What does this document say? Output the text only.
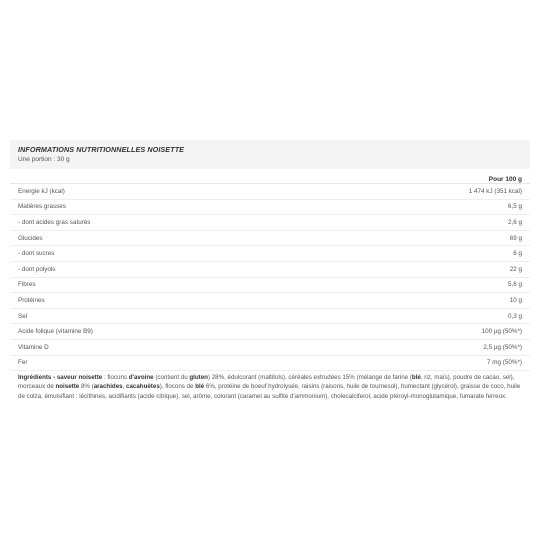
INFORMATIONS NUTRITIONNELLES NOISETTE
Une portion : 30 g
Pour 100 g
Energie kJ (kcal)	1 474 kJ (351 kcal)
Matières grasses	6,5 g
- dont acides gras saturés	2,6 g
Glucides	69 g
- dont sucres	6 g
- dont polyols	22 g
Fibres	5,6 g
Protéines	10 g
Sel	0,3 g
Acide folique (vitamine B9)	100 µg (50%*)
Vitamine D	2,5 µg (50%*)
Fer	7 mg (50%*)
Ingrédients - saveur noisette : flocons d'avoine (contient du gluten) 28%, édulcorant (maltitols), céréales extrudées 15% (mélange de farine (blé, riz, maïs), poudre de cacao, sel), morceaux de noisette 8% (arachides, cacahuètes), flocons de blé 6%, protéine de boeuf hydrolysée, raisins (raisons, huile de tournesol), humectant (glycérol), graisse de coco, huile de colza, émulsifiant : lécithines, acidifiants (acide citrique), sel, arôme, colorant (caramel au sulfite d'ammonium), cholecalciferol, acide ptéroyl-monoglutamique, fumarate ferreux.
